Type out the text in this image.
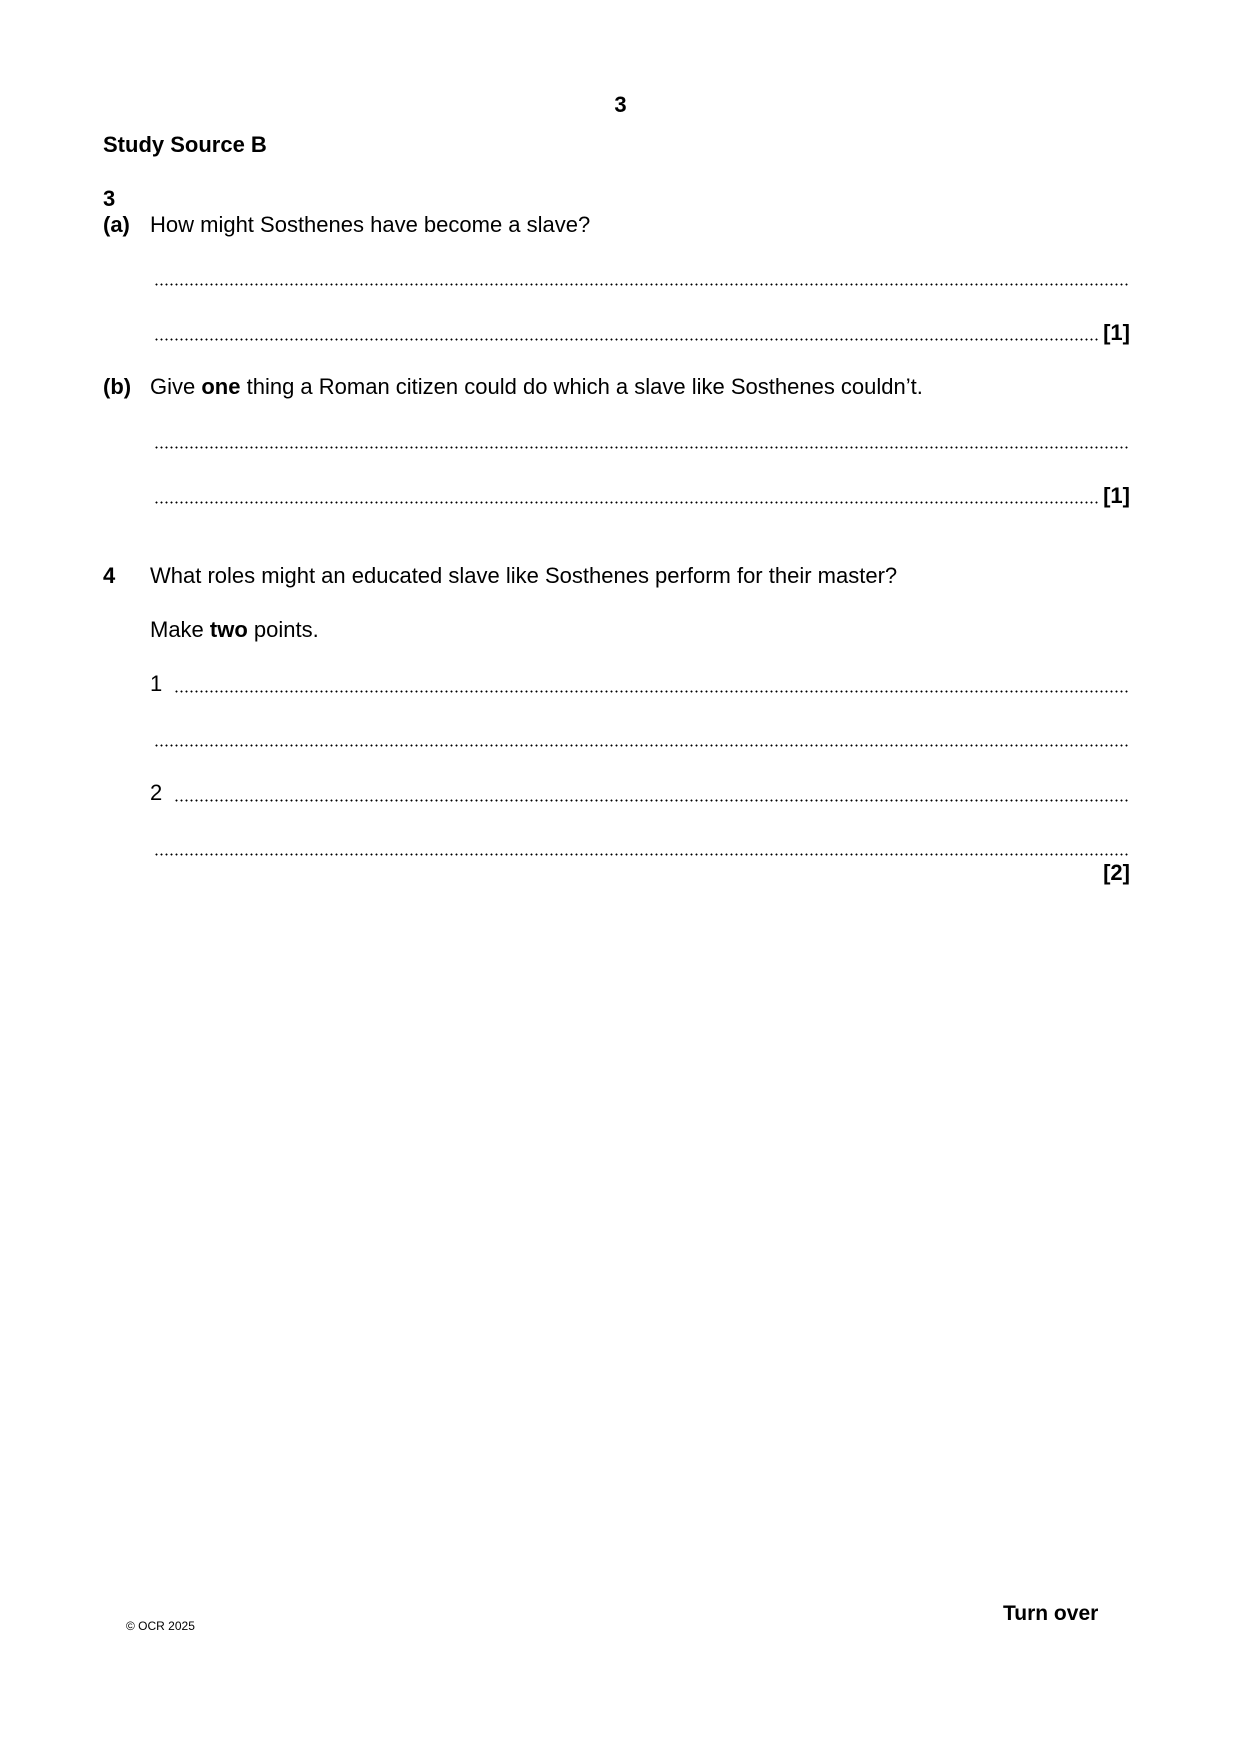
3
Study Source B
3
(a) How might Sosthenes have become a slave?
[1]
(b) Give one thing a Roman citizen could do which a slave like Sosthenes couldn’t.
[1]
4 What roles might an educated slave like Sosthenes perform for their master?
Make two points.
1
2
[2]
© OCR 2025
Turn over
